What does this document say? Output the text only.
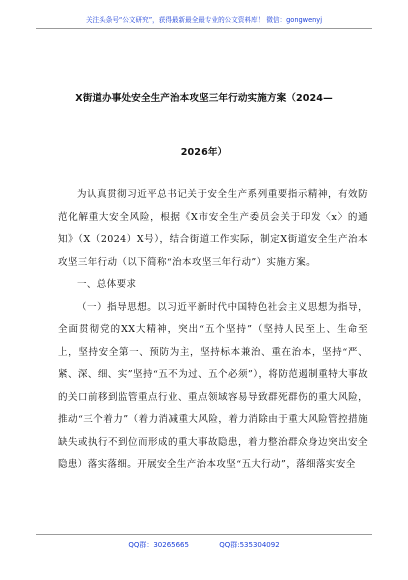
关注头条号“公文研究”，获得最新最全最专业的公文资料库！ 微信：gongwenyj
X街道办事处安全生产治本攻坚三年行动实施方案（2024—
2026年）

为认真贯彻习近平总书记关于安全生产系列重要指示精神，有效防范化解重大安全风险，根据《X市安全生产委员会关于印发〈x〉的通知》（X（2024）X号），结合街道工作实际，制定X街道安全生产治本攻坚三年行动（以下简称“治本攻坚三年行动”）实施方案。

一、总体要求

（一）指导思想。以习近平新时代中国特色社会主义思想为指导，全面贯彻党的XX大精神，突出“五个坚持”（坚持人民至上、生命至上，坚持安全第一、预防为主，坚持标本兼治、重在治本，坚持“严、紧、深、细、实”坚持“五不为过、五个必须”），将防范遏制重特大事故的关口前移到监管重点行业、重点领域容易导致群死群伤的重大风险，推动“三个着力”（着力消减重大风险，着力消除由于重大风险管控措施缺失或执行不到位而形成的重大事故隐患，着力整治群众身边突出安全隐患）落实落细。开展安全生产治本攻坚“五大行动”，落细落实安全

QQ群：30265665	QQ群:535304092
